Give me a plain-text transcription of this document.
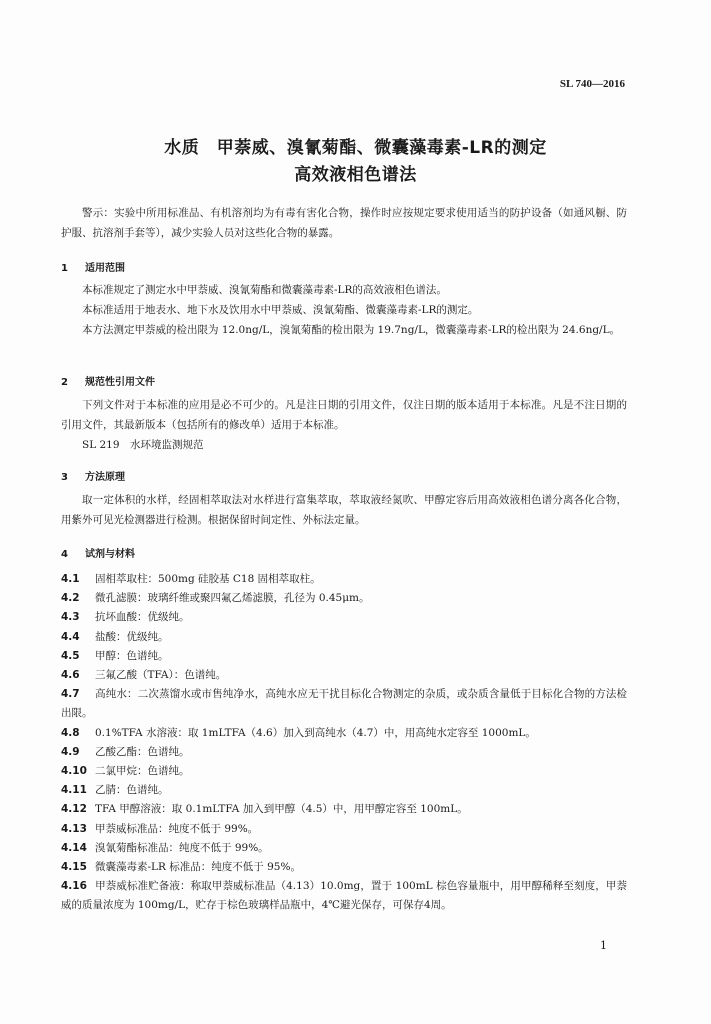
SL 740—2016
水质　甲萘威、溴氰菊酯、微囊藻毒素-LR的测定
高效液相色谱法
警示：实验中所用标准品、有机溶剂均为有毒有害化合物，操作时应按规定要求使用适当的防护设备（如通风橱、防护服、抗溶剂手套等），减少实验人员对这些化合物的暴露。
1 适用范围
本标准规定了测定水中甲萘威、溴氰菊酯和微囊藻毒素-LR的高效液相色谱法。
本标准适用于地表水、地下水及饮用水中甲萘威、溴氰菊酯、微囊藻毒素-LR的测定。
本方法测定甲萘威的检出限为 12.0ng/L，溴氰菊酯的检出限为 19.7ng/L，微囊藻毒素-LR的检出限为 24.6ng/L。
2 规范性引用文件
下列文件对于本标准的应用是必不可少的。凡是注日期的引用文件，仅注日期的版本适用于本标准。凡是不注日期的引用文件，其最新版本（包括所有的修改单）适用于本标准。
SL 219　水环境监测规范
3 方法原理
取一定体积的水样，经固相萃取法对水样进行富集萃取，萃取液经氮吹、甲醇定容后用高效液相色谱分离各化合物，用紫外可见光检测器进行检测。根据保留时间定性、外标法定量。
4 试剂与材料
4.1 固相萃取柱：500mg 硅胶基 C18 固相萃取柱。
4.2 微孔滤膜：玻璃纤维或聚四氟乙烯滤膜，孔径为 0.45μm。
4.3 抗坏血酸：优级纯。
4.4 盐酸：优级纯。
4.5 甲醇：色谱纯。
4.6 三氟乙酸（TFA）：色谱纯。
4.7 高纯水：二次蒸馏水或市售纯净水，高纯水应无干扰目标化合物测定的杂质，或杂质含量低于目标化合物的方法检出限。
4.8 0.1%TFA 水溶液：取 1mLTFA（4.6）加入到高纯水（4.7）中，用高纯水定容至 1000mL。
4.9 乙酸乙酯：色谱纯。
4.10 二氯甲烷：色谱纯。
4.11 乙腈：色谱纯。
4.12 TFA 甲醇溶液：取 0.1mLTFA 加入到甲醇（4.5）中，用甲醇定容至 100mL。
4.13 甲萘威标准品：纯度不低于 99%。
4.14 溴氰菊酯标准品：纯度不低于 99%。
4.15 微囊藻毒素-LR 标准品：纯度不低于 95%。
4.16 甲萘威标准贮备液：称取甲萘威标准品（4.13）10.0mg，置于 100mL 棕色容量瓶中，用甲醇稀释至刻度，甲萘威的质量浓度为 100mg/L，贮存于棕色玻璃样品瓶中，4℃避光保存，可保存4周。
1
